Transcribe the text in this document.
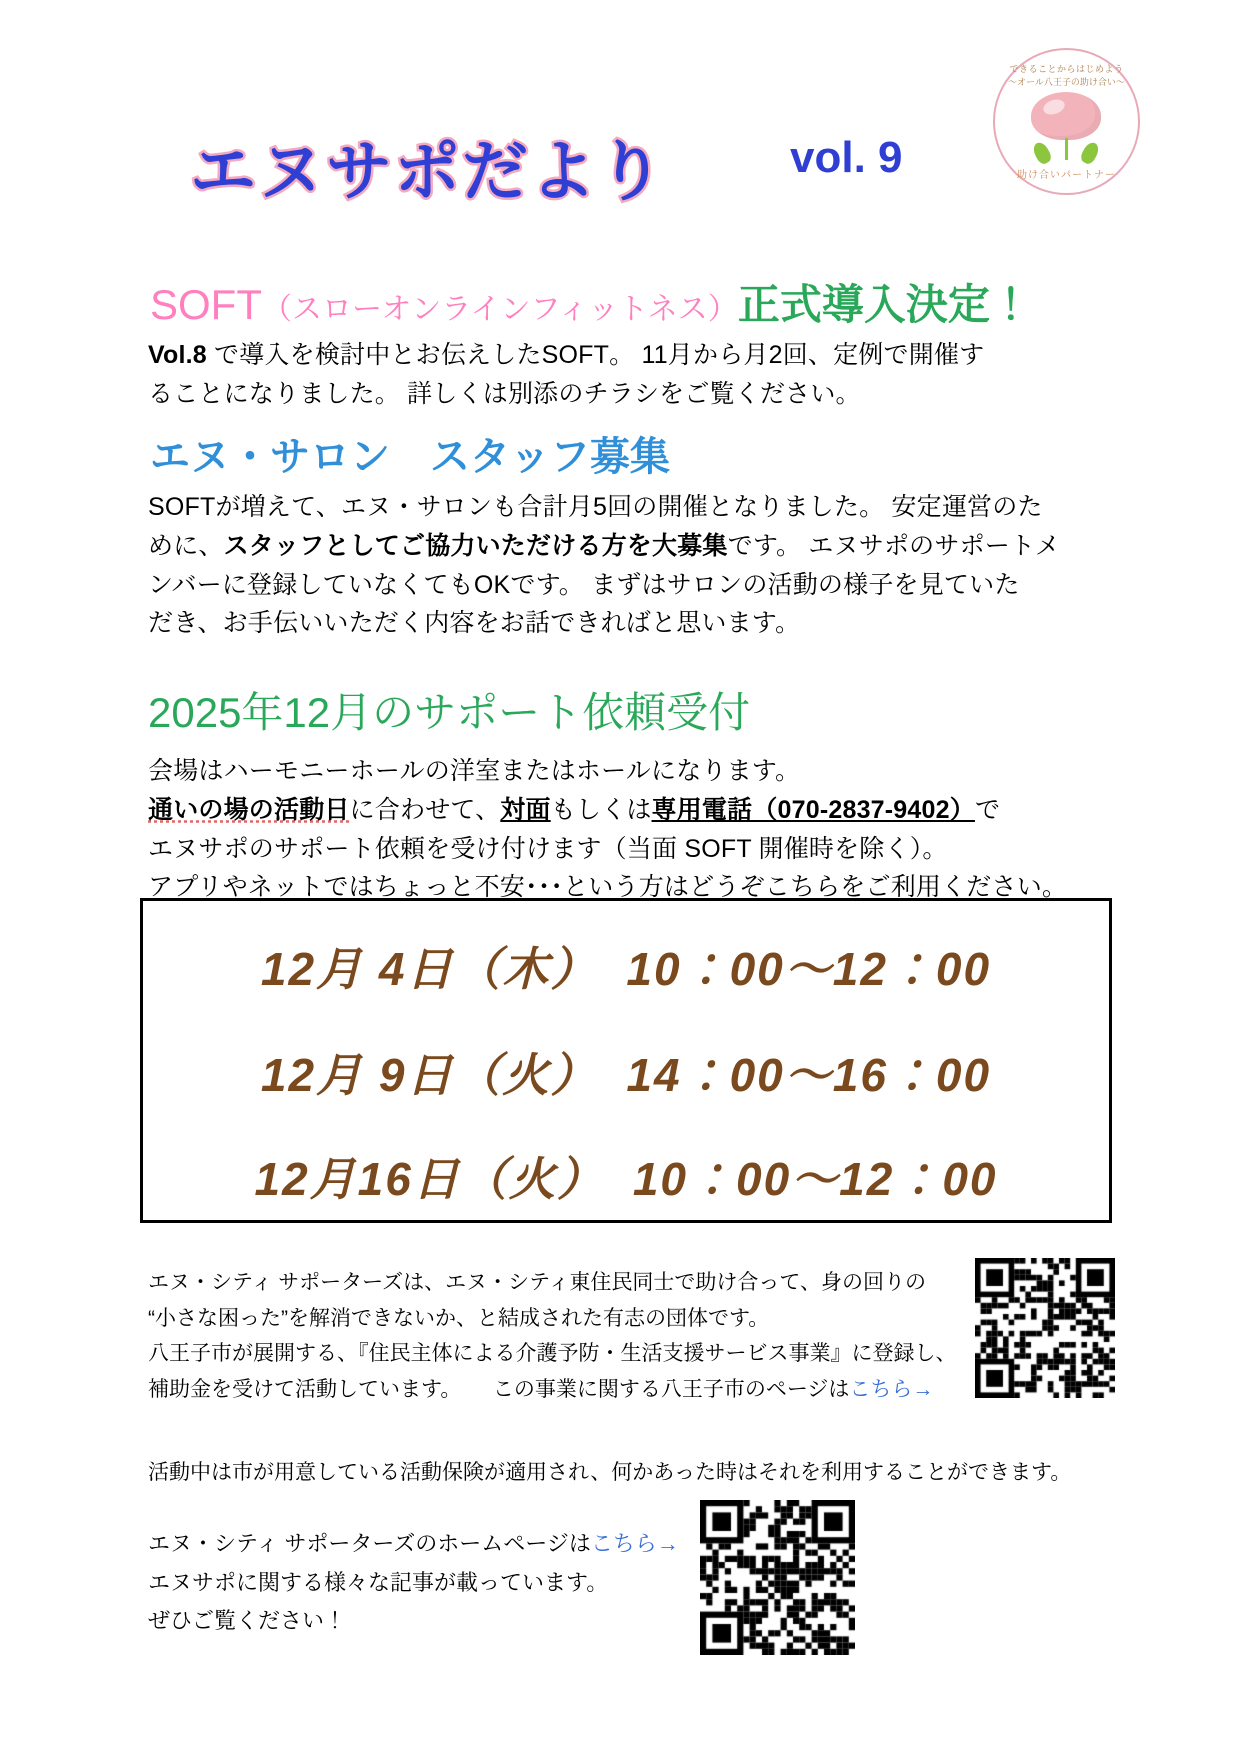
エヌサポだより	vol. 9
できることからはじめよう
～オール八王子の助け合い～
助け合いパートナー
SOFT（スローオンラインフィットネス）正式導入決定！
Vol.8 で導入を検討中とお伝えしたSOFT。 11月から月2回、定例で開催す
ることになりました。 詳しくは別添のチラシをご覧ください。
エヌ・サロン　スタッフ募集
SOFTが増えて、エヌ・サロンも合計月5回の開催となりました。 安定運営のた
めに、スタッフとしてご協力いただける方を大募集です。 エヌサポのサポートメ
ンバーに登録していなくてもOKです。 まずはサロンの活動の様子を見ていた
だき、お手伝いいただく内容をお話できればと思います。
2025年12月のサポート依頼受付
会場はハーモニーホールの洋室またはホールになります。
通いの場の活動日に合わせて、対面もしくは専用電話（070-2837-9402）で
エヌサポのサポート依頼を受け付けます（当面 SOFT 開催時を除く）。
アプリやネットではちょっと不安･･･という方はどうぞこちらをご利用ください。
12月 4日（木） 10：00～12：00
12月 9日（火） 14：00～16：00
12月16日（火） 10：00～12：00
エヌ・シティ サポーターズは、エヌ・シティ東住民同士で助け合って、身の回りの
“小さな困った”を解消できないか、と結成された有志の団体です。
八王子市が展開する、『住民主体による介護予防・生活支援サービス事業』に登録し、
補助金を受けて活動しています。　　この事業に関する八王子市のページはこちら→
活動中は市が用意している活動保険が適用され、何かあった時はそれを利用することができます。
エヌ・シティ サポーターズのホームページはこちら→
エヌサポに関する様々な記事が載っています。
ぜひご覧ください！
